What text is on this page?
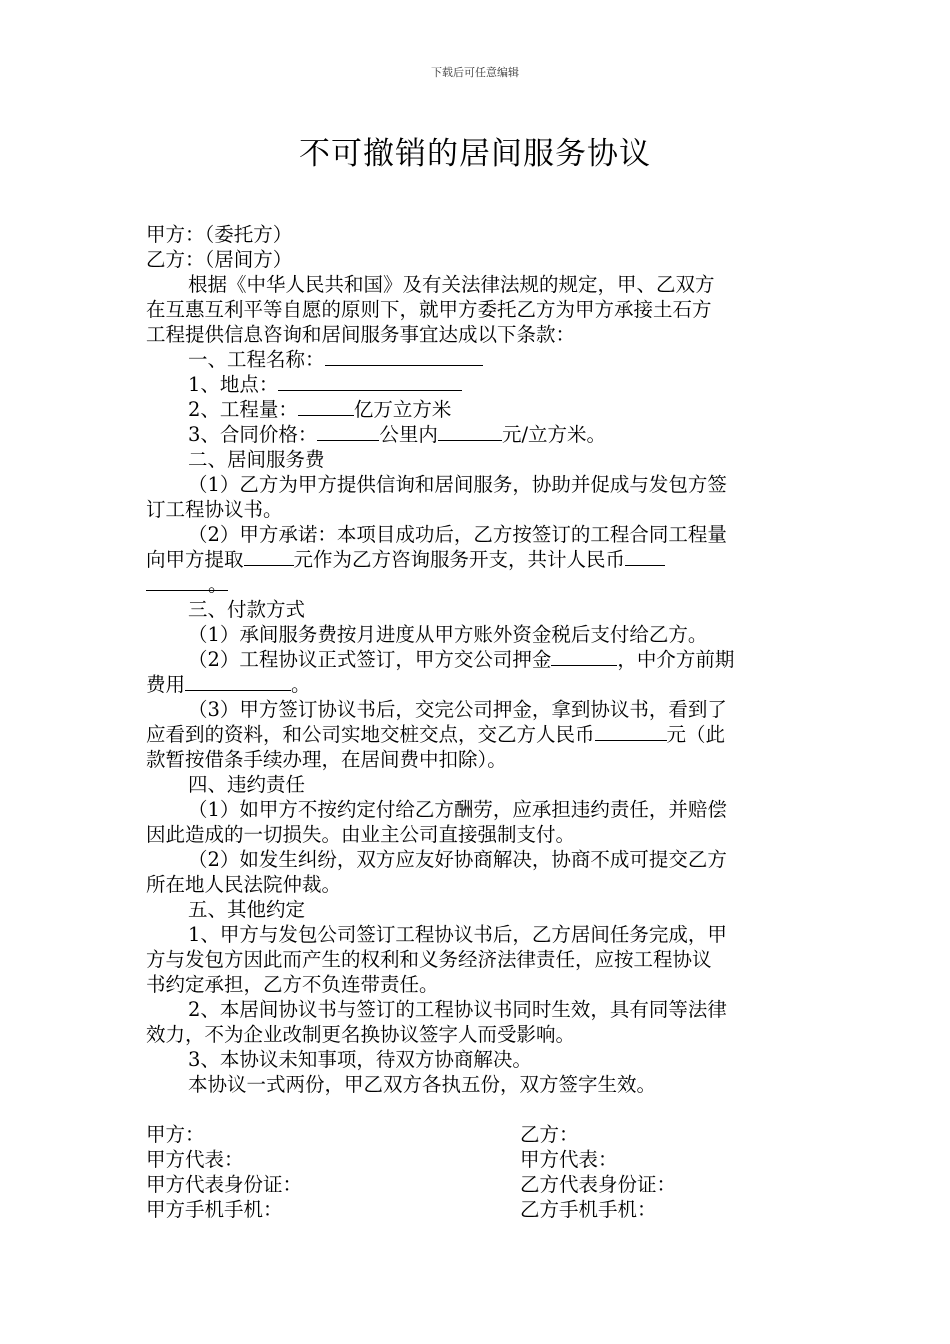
下载后可任意编辑
不可撤销的居间服务协议
甲方：（委托方）
乙方：（居间方）
根据《中华人民共和国》及有关法律法规的规定，甲、乙双方
在互惠互利平等自愿的原则下，就甲方委托乙方为甲方承接土石方
工程提供信息咨询和居间服务事宜达成以下条款：
一、工程名称：
1、地点：
2、工程量：	亿万立方米
3、合同价格：	公里内	元/立方米。
二、居间服务费
（1）乙方为甲方提供信询和居间服务，协助并促成与发包方签
订工程协议书。
（2）甲方承诺：本项目成功后，乙方按签订的工程合同工程量
向甲方提取	元作为乙方咨询服务开支，共计人民币
。
三、付款方式
（1）承间服务费按月进度从甲方账外资金税后支付给乙方。
（2）工程协议正式签订，甲方交公司押金	，中介方前期
费用	。
（3）甲方签订协议书后，交完公司押金，拿到协议书，看到了
应看到的资料，和公司实地交桩交点，交乙方人民币	元（此
款暂按借条手续办理，在居间费中扣除）。
四、违约责任
（1）如甲方不按约定付给乙方酬劳，应承担违约责任，并赔偿
因此造成的一切损失。由业主公司直接强制支付。
（2）如发生纠纷，双方应友好协商解决，协商不成可提交乙方
所在地人民法院仲裁。
五、其他约定
1、甲方与发包公司签订工程协议书后，乙方居间任务完成，甲
方与发包方因此而产生的权利和义务经济法律责任，应按工程协议
书约定承担，乙方不负连带责任。
2、本居间协议书与签订的工程协议书同时生效，具有同等法律
效力，不为企业改制更名换协议签字人而受影响。
3、本协议未知事项，待双方协商解决。
本协议一式两份，甲乙双方各执五份，双方签字生效。
甲方：	乙方：
甲方代表：	甲方代表：
甲方代表身份证：	乙方代表身份证：
甲方手机手机：	乙方手机手机：
